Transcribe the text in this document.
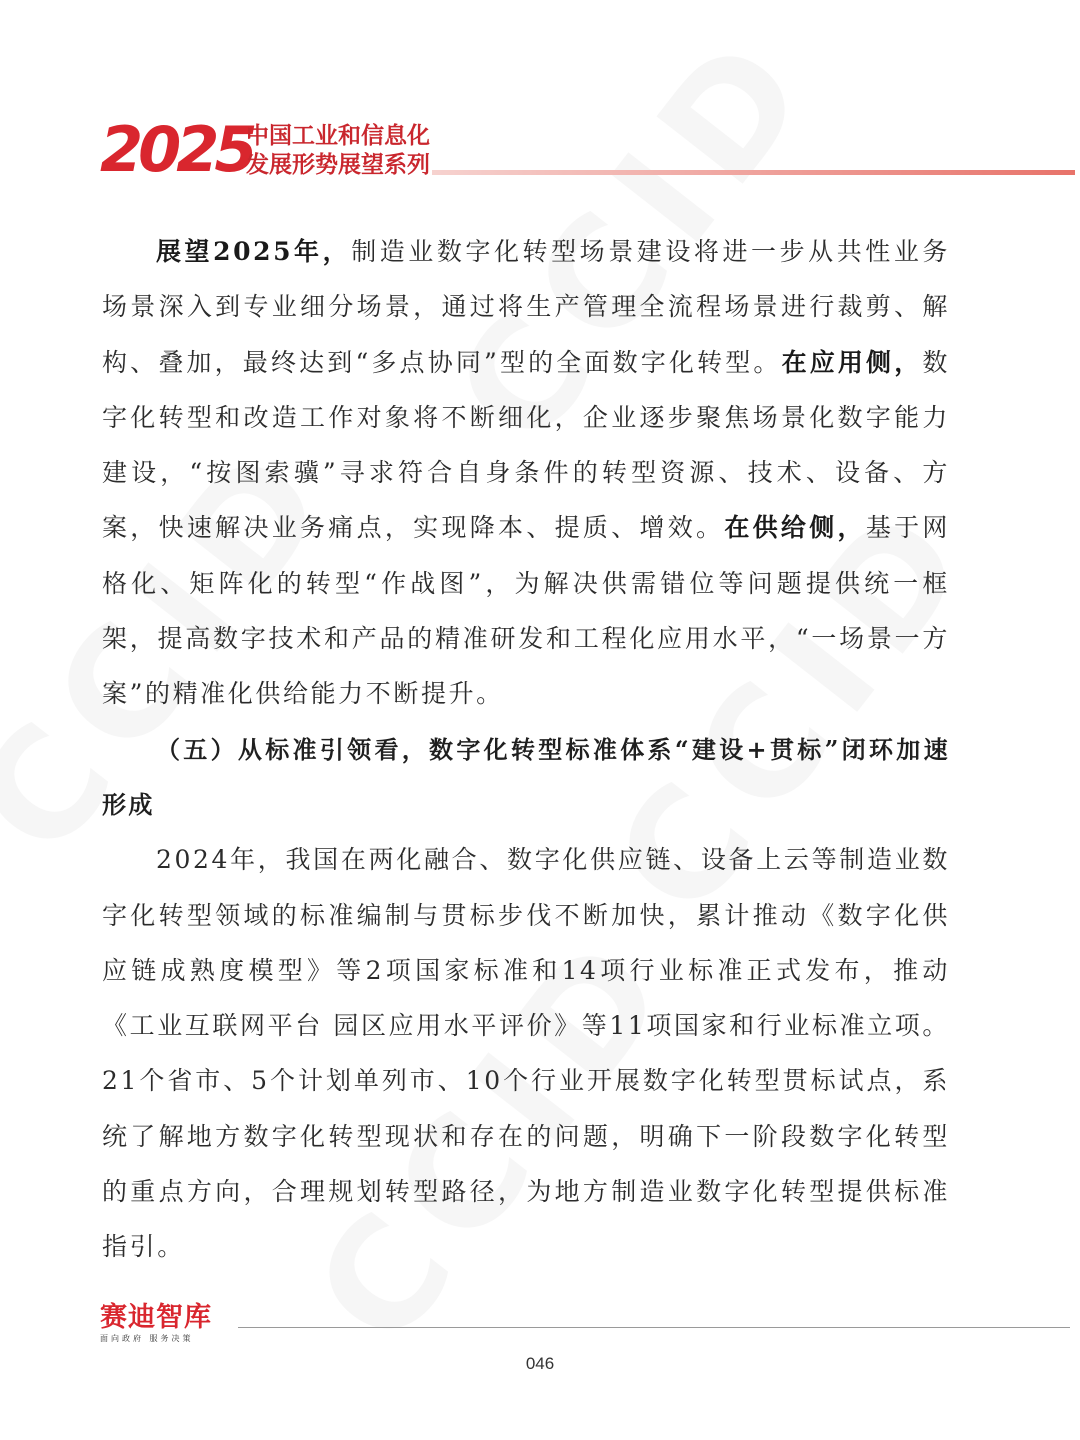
2025
中国工业和信息化
发展形势展望系列

展望2025年，制造业数字化转型场景建设将进一步从共性业务场景深入到专业细分场景，通过将生产管理全流程场景进行裁剪、解构、叠加，最终达到“多点协同”型的全面数字化转型。在应用侧，数字化转型和改造工作对象将不断细化，企业逐步聚焦场景化数字能力建设，“按图索骥”寻求符合自身条件的转型资源、技术、设备、方案，快速解决业务痛点，实现降本、提质、增效。在供给侧，基于网格化、矩阵化的转型“作战图”，为解决供需错位等问题提供统一框架，提高数字技术和产品的精准研发和工程化应用水平，“一场景一方案”的精准化供给能力不断提升。

（五）从标准引领看，数字化转型标准体系“建设+贯标”闭环加速形成

2024年，我国在两化融合、数字化供应链、设备上云等制造业数字化转型领域的标准编制与贯标步伐不断加快，累计推动《数字化供应链成熟度模型》等2项国家标准和14项行业标准正式发布，推动《工业互联网平台 园区应用水平评价》等11项国家和行业标准立项。21个省市、5个计划单列市、10个行业开展数字化转型贯标试点，系统了解地方数字化转型现状和存在的问题，明确下一阶段数字化转型的重点方向，合理规划转型路径，为地方制造业数字化转型提供标准指引。

赛迪智库
面向政府 服务决策
046
